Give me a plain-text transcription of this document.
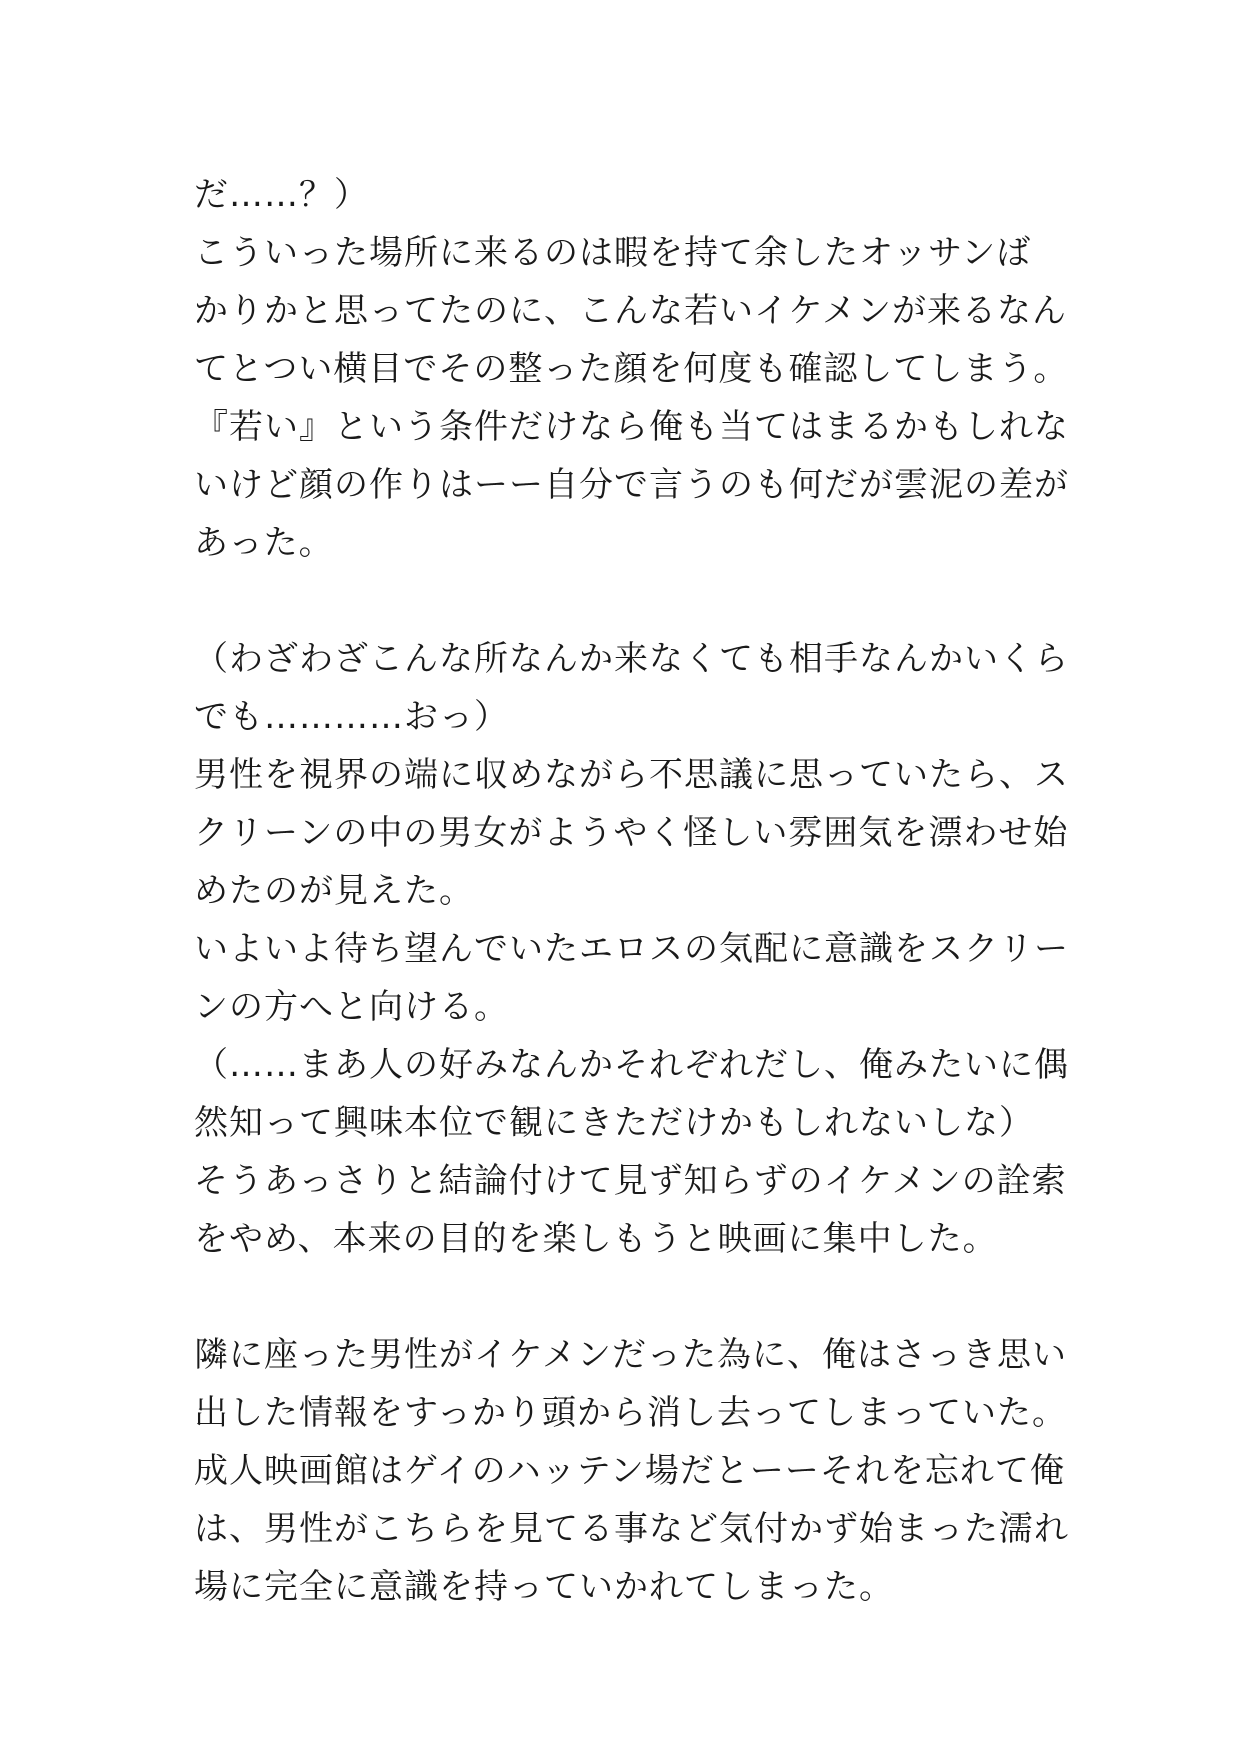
だ……？）
こういった場所に来るのは暇を持て余したオッサンば
かりかと思ってたのに、こんな若いイケメンが来るなん
てとつい横目でその整った顔を何度も確認してしまう。
『若い』という条件だけなら俺も当てはまるかもしれな
いけど顔の作りはーー自分で言うのも何だが雲泥の差が
あった。
（わざわざこんな所なんか来なくても相手なんかいくら
でも…………おっ）
男性を視界の端に収めながら不思議に思っていたら、ス
クリーンの中の男女がようやく怪しい雰囲気を漂わせ始
めたのが見えた。
いよいよ待ち望んでいたエロスの気配に意識をスクリー
ンの方へと向ける。
（……まあ人の好みなんかそれぞれだし、俺みたいに偶
然知って興味本位で観にきただけかもしれないしな）
そうあっさりと結論付けて見ず知らずのイケメンの詮索
をやめ、本来の目的を楽しもうと映画に集中した。
隣に座った男性がイケメンだった為に、俺はさっき思い
出した情報をすっかり頭から消し去ってしまっていた。
成人映画館はゲイのハッテン場だとーーそれを忘れて俺
は、男性がこちらを見てる事など気付かず始まった濡れ
場に完全に意識を持っていかれてしまった。
